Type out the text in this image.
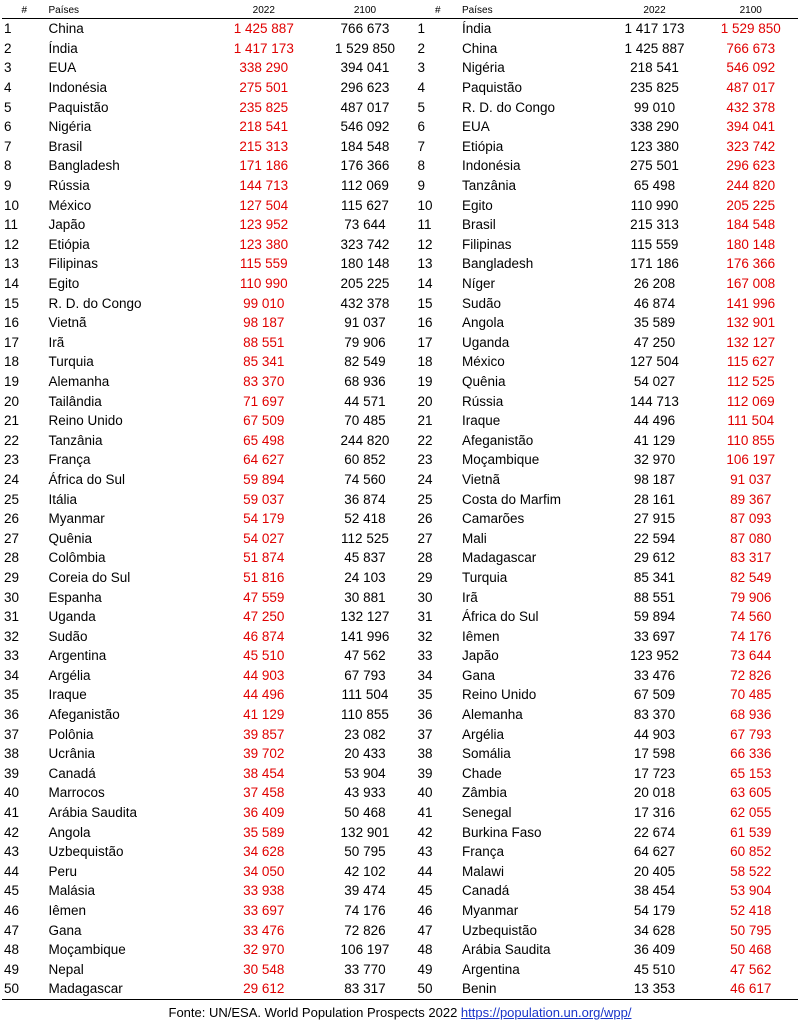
#	Países	2022	2100	#	Países	2022	2100
1	China	1 425 887	766 673	1	Índia	1 417 173	1 529 850
2	Índia	1 417 173	1 529 850	2	China	1 425 887	766 673
3	EUA	338 290	394 041	3	Nigéria	218 541	546 092
4	Indonésia	275 501	296 623	4	Paquistão	235 825	487 017
5	Paquistão	235 825	487 017	5	R. D. do Congo	99 010	432 378
6	Nigéria	218 541	546 092	6	EUA	338 290	394 041
7	Brasil	215 313	184 548	7	Etiópia	123 380	323 742
8	Bangladesh	171 186	176 366	8	Indonésia	275 501	296 623
9	Rússia	144 713	112 069	9	Tanzânia	65 498	244 820
10	México	127 504	115 627	10	Egito	110 990	205 225
11	Japão	123 952	73 644	11	Brasil	215 313	184 548
12	Etiópia	123 380	323 742	12	Filipinas	115 559	180 148
13	Filipinas	115 559	180 148	13	Bangladesh	171 186	176 366
14	Egito	110 990	205 225	14	Níger	26 208	167 008
15	R. D. do Congo	99 010	432 378	15	Sudão	46 874	141 996
16	Vietnã	98 187	91 037	16	Angola	35 589	132 901
17	Irã	88 551	79 906	17	Uganda	47 250	132 127
18	Turquia	85 341	82 549	18	México	127 504	115 627
19	Alemanha	83 370	68 936	19	Quênia	54 027	112 525
20	Tailândia	71 697	44 571	20	Rússia	144 713	112 069
21	Reino Unido	67 509	70 485	21	Iraque	44 496	111 504
22	Tanzânia	65 498	244 820	22	Afeganistão	41 129	110 855
23	França	64 627	60 852	23	Moçambique	32 970	106 197
24	África do Sul	59 894	74 560	24	Vietnã	98 187	91 037
25	Itália	59 037	36 874	25	Costa do Marfim	28 161	89 367
26	Myanmar	54 179	52 418	26	Camarões	27 915	87 093
27	Quênia	54 027	112 525	27	Mali	22 594	87 080
28	Colômbia	51 874	45 837	28	Madagascar	29 612	83 317
29	Coreia do Sul	51 816	24 103	29	Turquia	85 341	82 549
30	Espanha	47 559	30 881	30	Irã	88 551	79 906
31	Uganda	47 250	132 127	31	África do Sul	59 894	74 560
32	Sudão	46 874	141 996	32	Iêmen	33 697	74 176
33	Argentina	45 510	47 562	33	Japão	123 952	73 644
34	Argélia	44 903	67 793	34	Gana	33 476	72 826
35	Iraque	44 496	111 504	35	Reino Unido	67 509	70 485
36	Afeganistão	41 129	110 855	36	Alemanha	83 370	68 936
37	Polônia	39 857	23 082	37	Argélia	44 903	67 793
38	Ucrânia	39 702	20 433	38	Somália	17 598	66 336
39	Canadá	38 454	53 904	39	Chade	17 723	65 153
40	Marrocos	37 458	43 933	40	Zâmbia	20 018	63 605
41	Arábia Saudita	36 409	50 468	41	Senegal	17 316	62 055
42	Angola	35 589	132 901	42	Burkina Faso	22 674	61 539
43	Uzbequistão	34 628	50 795	43	França	64 627	60 852
44	Peru	34 050	42 102	44	Malawi	20 405	58 522
45	Malásia	33 938	39 474	45	Canadá	38 454	53 904
46	Iêmen	33 697	74 176	46	Myanmar	54 179	52 418
47	Gana	33 476	72 826	47	Uzbequistão	34 628	50 795
48	Moçambique	32 970	106 197	48	Arábia Saudita	36 409	50 468
49	Nepal	30 548	33 770	49	Argentina	45 510	47 562
50	Madagascar	29 612	83 317	50	Benin	13 353	46 617
Fonte: UN/ESA. World Population Prospects 2022 https://population.un.org/wpp/
